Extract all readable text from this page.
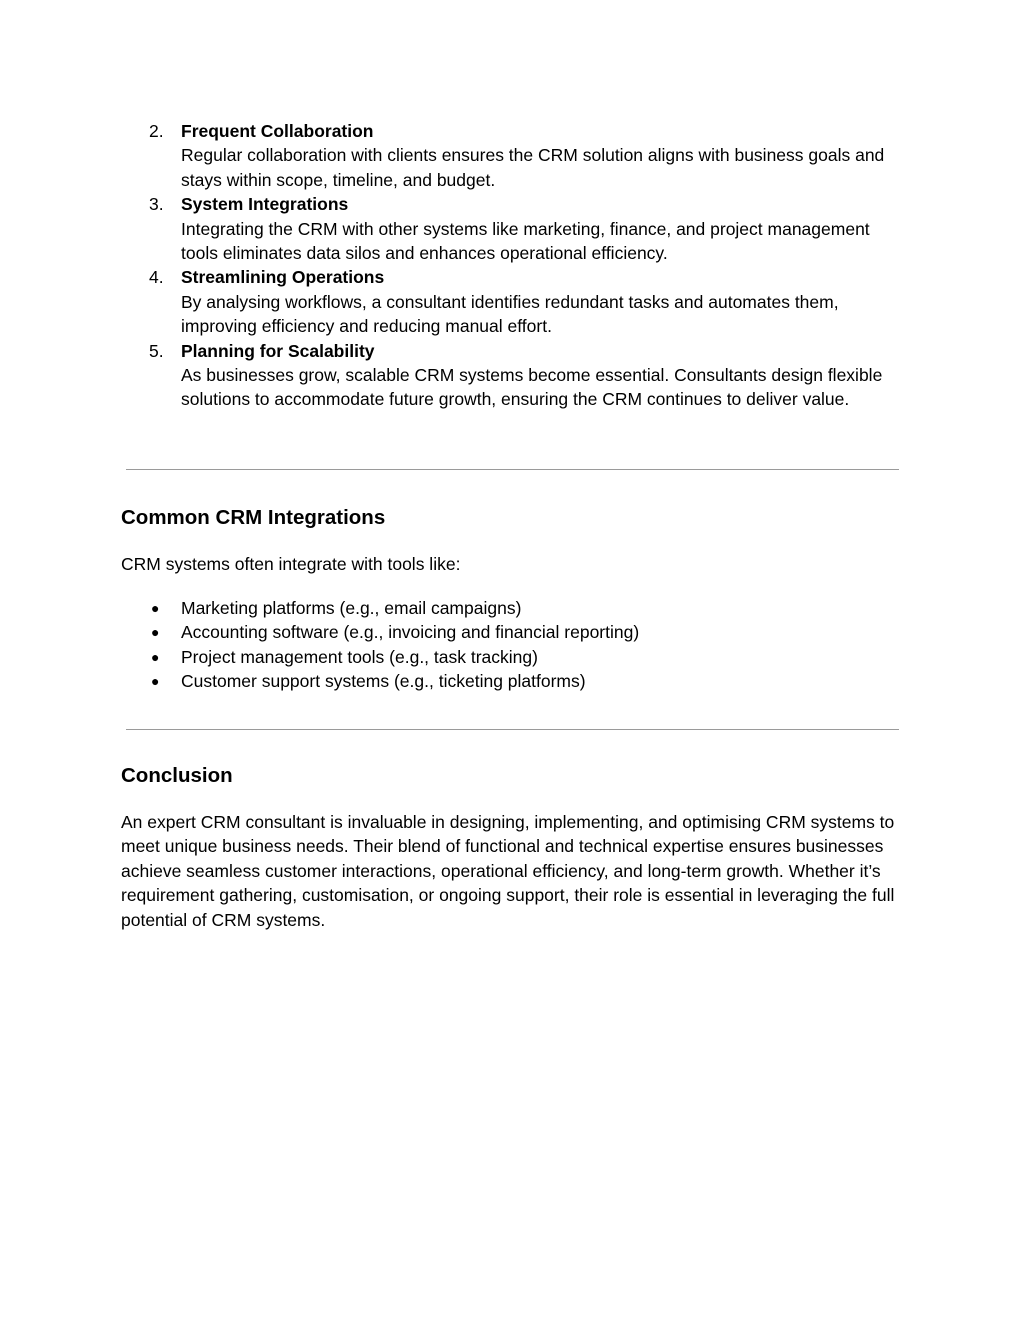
2. Frequent Collaboration
Regular collaboration with clients ensures the CRM solution aligns with business goals and stays within scope, timeline, and budget.
3. System Integrations
Integrating the CRM with other systems like marketing, finance, and project management tools eliminates data silos and enhances operational efficiency.
4. Streamlining Operations
By analysing workflows, a consultant identifies redundant tasks and automates them, improving efficiency and reducing manual effort.
5. Planning for Scalability
As businesses grow, scalable CRM systems become essential. Consultants design flexible solutions to accommodate future growth, ensuring the CRM continues to deliver value.
Common CRM Integrations

CRM systems often integrate with tools like:

● Marketing platforms (e.g., email campaigns)
● Accounting software (e.g., invoicing and financial reporting)
● Project management tools (e.g., task tracking)
● Customer support systems (e.g., ticketing platforms)
Conclusion

An expert CRM consultant is invaluable in designing, implementing, and optimising CRM systems to meet unique business needs. Their blend of functional and technical expertise ensures businesses achieve seamless customer interactions, operational efficiency, and long-term growth. Whether it’s requirement gathering, customisation, or ongoing support, their role is essential in leveraging the full potential of CRM systems.
